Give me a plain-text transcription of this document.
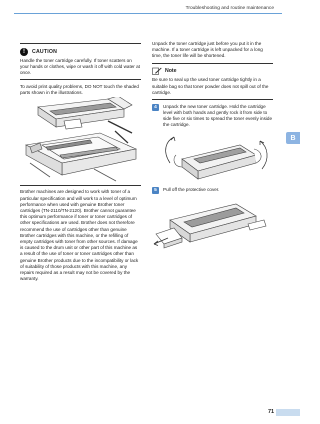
Troubleshooting and routine maintenance
B
!	CAUTION

Handle the toner cartridge carefully. If toner scatters on your hands or clothes, wipe or wash it off with cold water at once.

To avoid print quality problems, DO NOT touch the shaded parts shown in the illustrations.

Brother machines are designed to work with toner of a particular specification and will work to a level of optimum performance when used with genuine Brother toner cartridges (TN-2110/TN-2120). Brother cannot guarantee this optimum performance if toner or toner cartridges of other specifications are used. Brother does not therefore recommend the use of cartridges other than genuine Brother cartridges with this machine, or the refilling of empty cartridges with toner from other sources. If damage is caused to the drum unit or other part of this machine as a result of the use of toner or toner cartridges other than genuine Brother products due to the incompatibility or lack of suitability of those products with this machine, any repairs required as a result may not be covered by the warranty.

Unpack the toner cartridge just before you put it in the machine. If a toner cartridge is left unpacked for a long time, the toner life will be shortened.

Note

Be sure to seal up the used toner cartridge tightly in a suitable bag so that toner powder does not spill out of the cartridge.

4	Unpack the new toner cartridge. Hold the cartridge level with both hands and gently rock it from side to side five or six times to spread the toner evenly inside the cartridge.

5	Pull off the protective cover.

71
